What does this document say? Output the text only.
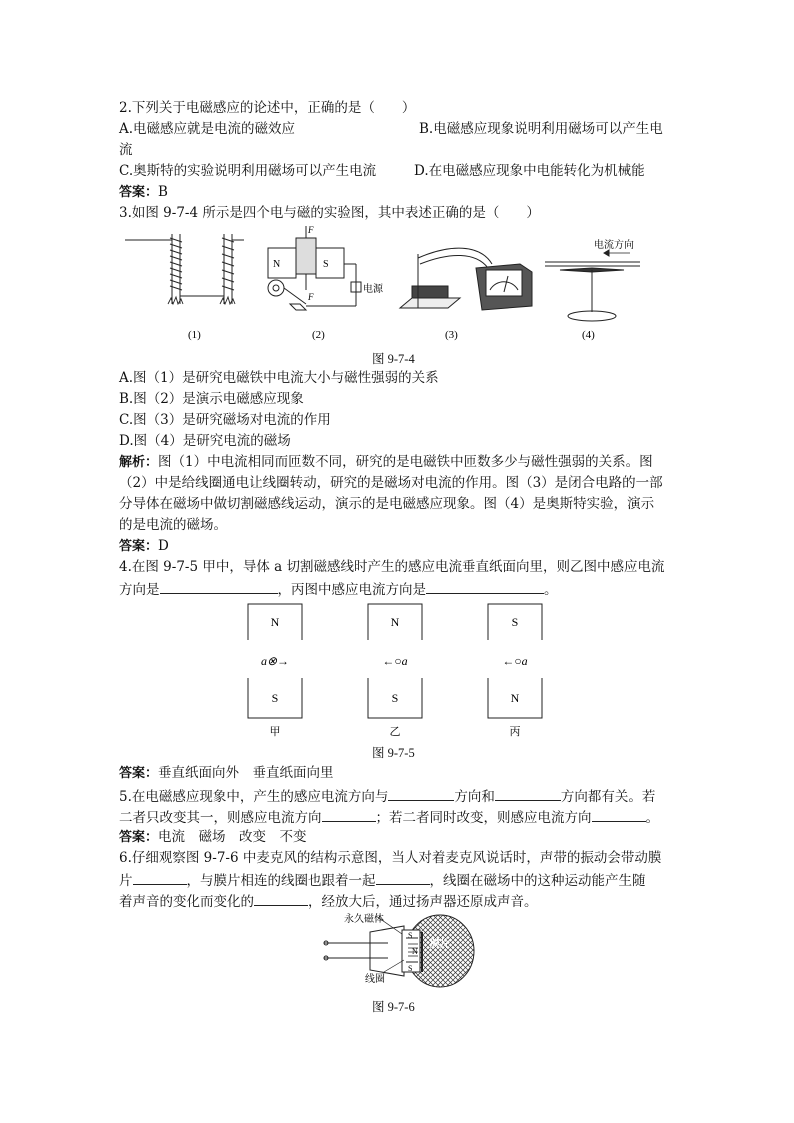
2.下列关于电磁感应的论述中，正确的是（　　）
A.电磁感应就是电流的磁效应	B.电磁感应现象说明利用磁场可以产生电
流
C.奥斯特的实验说明利用磁场可以产生电流	D.在电磁感应现象中电能转化为机械能
答案：B
3.如图 9-7-4 所示是四个电与磁的实验图，其中表述正确的是（　　）
(1)
N	S
F
F
电源
(2)	(3)
电流方向
(4)
图 9-7-4
A.图（1）是研究电磁铁中电流大小与磁性强弱的关系
B.图（2）是演示电磁感应现象
C.图（3）是研究磁场对电流的作用
D.图（4）是研究电流的磁场
解析：图（1）中电流相同而匝数不同，研究的是电磁铁中匝数多少与磁性强弱的关系。图
（2）中是给线圈通电让线圈转动，研究的是磁场对电流的作用。图（3）是闭合电路的一部
分导体在磁场中做切割磁感线运动，演示的是电磁感应现象。图（4）是奥斯特实验，演示
的是电流的磁场。
答案：D
4.在图 9-7-5 甲中，导体 a 切割磁感线时产生的感应电流垂直纸面向里，则乙图中感应电流
方向是	，丙图中感应电流方向是	。
N
S
a⊗→
甲
N
S
←○a
乙
S
N
←○a
丙
图 9-7-5
答案：垂直纸面向外　垂直纸面向里
5.在电磁感应现象中，产生的感应电流方向与	方向和	方向都有关。若
二者只改变其一，则感应电流方向	；若二者同时改变，则感应电流方向	。
答案：电流　磁场　改变　不变
6.仔细观察图 9-7-6 中麦克风的结构示意图，当人对着麦克风说话时，声带的振动会带动膜
片	，与膜片相连的线圈也跟着一起	，线圈在磁场中的这种运动能产生随
着声音的变化而变化的	，经放大后，通过扬声器还原成声音。
永久磁体
膜片
线圈
S
N
S
图 9-7-6
